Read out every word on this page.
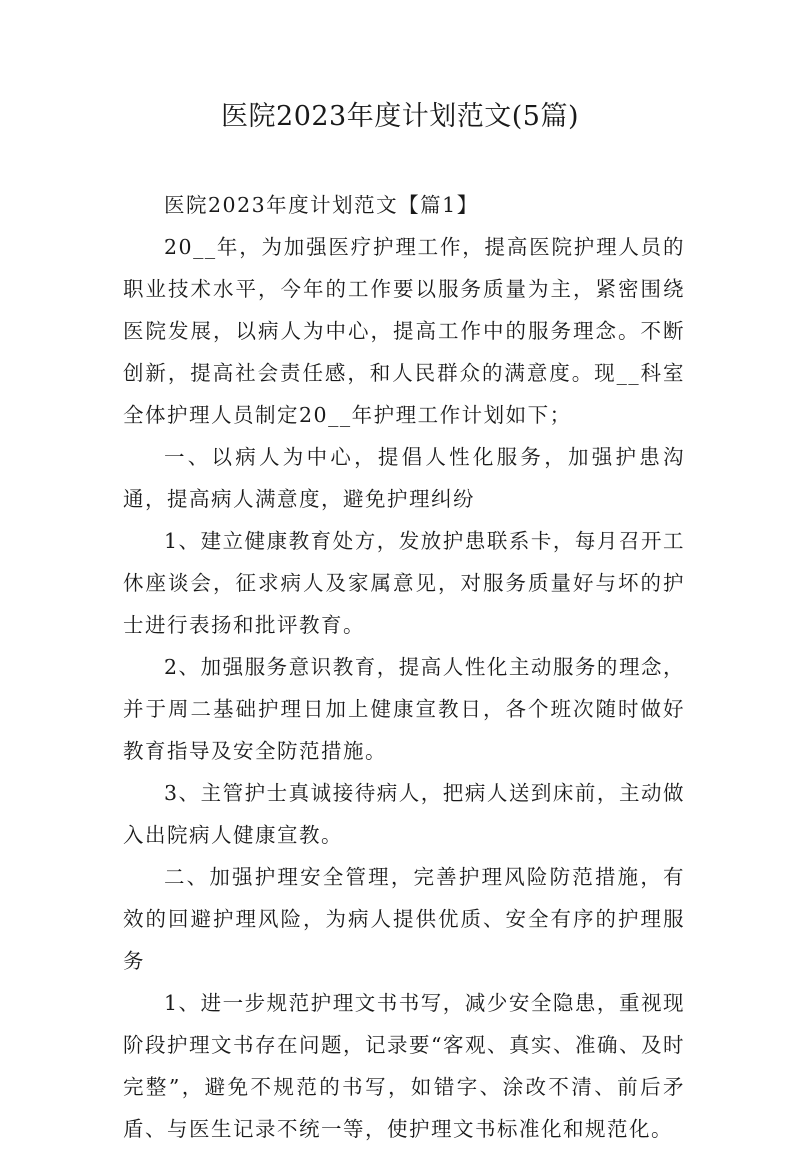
医院2023年度计划范文(5篇)

医院2023年度计划范文【篇1】

20__年，为加强医疗护理工作，提高医院护理人员的职业技术水平，今年的工作要以服务质量为主，紧密围绕医院发展，以病人为中心，提高工作中的服务理念。不断创新，提高社会责任感，和人民群众的满意度。现__科室全体护理人员制定20__年护理工作计划如下；

一、以病人为中心，提倡人性化服务，加强护患沟通，提高病人满意度，避免护理纠纷

1、建立健康教育处方，发放护患联系卡，每月召开工休座谈会，征求病人及家属意见，对服务质量好与坏的护士进行表扬和批评教育。

2、加强服务意识教育，提高人性化主动服务的理念，并于周二基础护理日加上健康宣教日，各个班次随时做好教育指导及安全防范措施。

3、主管护士真诚接待病人，把病人送到床前，主动做入出院病人健康宣教。

二、加强护理安全管理，完善护理风险防范措施，有效的回避护理风险，为病人提供优质、安全有序的护理服务

1、进一步规范护理文书书写，减少安全隐患，重视现阶段护理文书存在问题，记录要“客观、真实、准确、及时完整”，避免不规范的书写，如错字、涂改不清、前后矛盾、与医生记录不统一等，使护理文书标准化和规范化。
